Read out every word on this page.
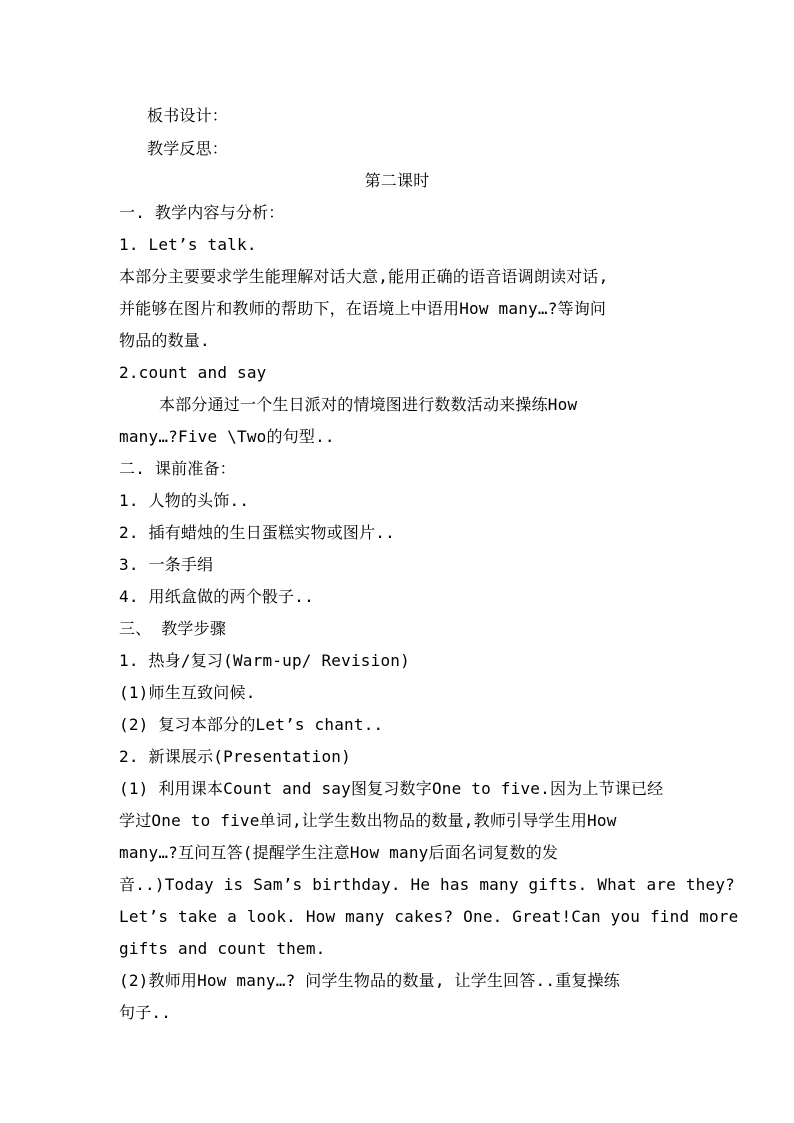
板书设计：
教学反思：
第二课时
一. 教学内容与分析：
1. Let’s talk.
本部分主要要求学生能理解对话大意,能用正确的语音语调朗读对话,
并能够在图片和教师的帮助下，在语境上中语用How many…?等询问
物品的数量.
2.count and say
本部分通过一个生日派对的情境图进行数数活动来操练How
many…?Five \Two的句型..
二. 课前准备：
1. 人物的头饰..
2. 插有蜡烛的生日蛋糕实物或图片..
3. 一条手绢
4. 用纸盒做的两个骰子..
三、 教学步骤
1. 热身/复习(Warm-up/ Revision)
(1)师生互致问候.
(2) 复习本部分的Let’s chant..
2. 新课展示(Presentation)
(1) 利用课本Count and say图复习数字One to five.因为上节课已经
学过One to five单词,让学生数出物品的数量,教师引导学生用How
many…?互问互答(提醒学生注意How many后面名词复数的发
音..)Today is Sam’s birthday. He has many gifts. What are they?
Let’s take a look. How many cakes? One. Great!Can you find more
gifts and count them.
(2)教师用How many…? 问学生物品的数量, 让学生回答..重复操练
句子..
